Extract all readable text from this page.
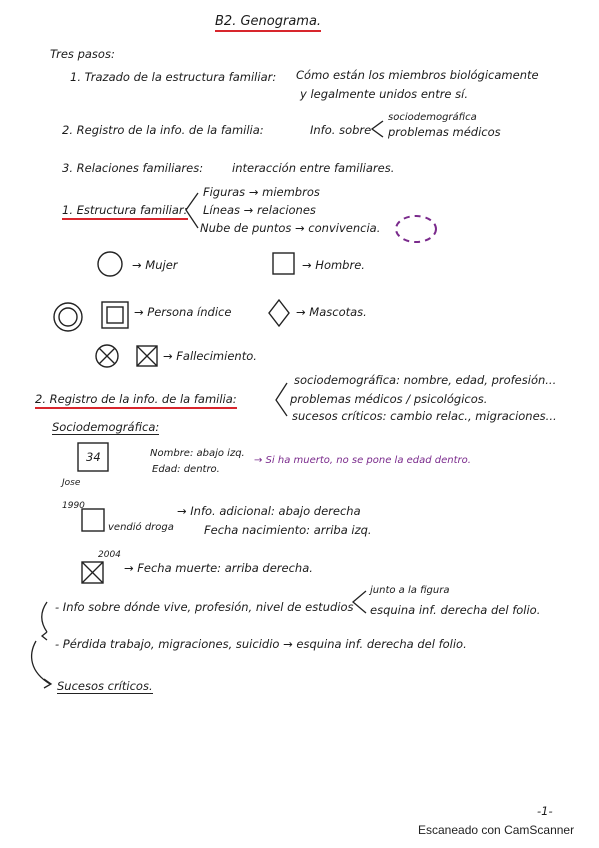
B2. Genograma.
Tres pasos:
1. Trazado de la estructura familiar: Cómo están los miembros biológicamente
y legalmente unidos entre sí.
2. Registro de la info. de la familia:	Info. sobre
sociodemográfica
problemas médicos
3. Relaciones familiares:	interacción entre familiares.
1. Estructura familiar:
Figuras → miembros
Líneas → relaciones
Nube de puntos → convivencia.
→ Mujer	→ Hombre.
→ Persona índice	→ Mascotas.
→ Fallecimiento.
2. Registro de la info. de la familia:
sociodemográfica: nombre, edad, profesión...
problemas médicos / psicológicos.
sucesos críticos: cambio relac., migraciones...
Sociodemográfica:
34	Nombre: abajo izq.
Edad: dentro.
→ Si ha muerto, no se pone la edad dentro.
Jose
1990
vendió droga
→ Info. adicional: abajo derecha
Fecha nacimiento: arriba izq.
2004
→ Fecha muerte: arriba derecha.
- Info sobre dónde vive, profesión, nivel de estudios
junto a la figura
esquina inf. derecha del folio.
- Pérdida trabajo, migraciones, suicidio → esquina inf. derecha del folio.
Sucesos críticos.
-1-
Escaneado con CamScanner
